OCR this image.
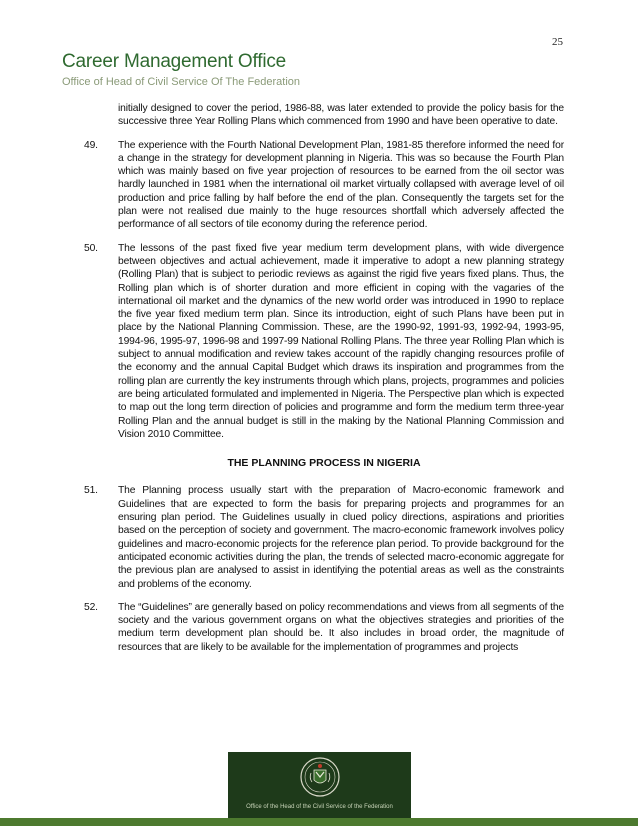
25
Career Management Office
Office of Head of Civil Service Of The Federation

initially designed to cover the period, 1986-88, was later extended to provide the policy basis for the successive three Year Rolling Plans which commenced from 1990 and have been operative to date.

49. The experience with the Fourth National Development Plan, 1981-85 therefore informed the need for a change in the strategy for development planning in Nigeria. This was so because the Fourth Plan which was mainly based on five year projection of resources to be earned from the oil sector was hardly launched in 1981 when the international oil market virtually collapsed with average level of oil production and price falling by half before the end of the plan. Consequently the targets set for the plan were not realised due mainly to the huge resources shortfall which adversely affected the performance of all sectors of tile economy during the reference period.

50. The lessons of the past fixed five year medium term development plans, with wide divergence between objectives and actual achievement, made it imperative to adopt a new planning strategy (Rolling Plan) that is subject to periodic reviews as against the rigid five years fixed plans. Thus, the Rolling plan which is of shorter duration and more efficient in coping with the vagaries of the international oil market and the dynamics of the new world order was introduced in 1990 to replace the five year fixed medium term plan. Since its introduction, eight of such Plans have been put in place by the National Planning Commission. These, are the 1990-92, 1991-93, 1992-94, 1993-95, 1994-96, 1995-97, 1996-98 and 1997-99 National Rolling Plans. The three year Rolling Plan which is subject to annual modification and review takes account of the rapidly changing resources profile of the economy and the annual Capital Budget which draws its inspiration and programmes from the rolling plan are currently the key instruments through which plans, projects, programmes and policies are being articulated formulated and implemented in Nigeria. The Perspective plan which is expected to map out the long term direction of policies and programme and form the medium term three-year Rolling Plan and the annual budget is still in the making by the National Planning Commission and Vision 2010 Committee.

THE PLANNING PROCESS IN NIGERIA
51. The Planning process usually start with the preparation of Macro-economic framework and Guidelines that are expected to form the basis for preparing projects and programmes for an ensuring plan period. The Guidelines usually in clued policy directions, aspirations and priorities based on the perception of society and government. The macro-economic framework involves policy guidelines and macro-economic projects for the reference plan period. To provide background for the anticipated economic activities during the plan, the trends of selected macro-economic aggregate for the previous plan are analysed to assist in identifying the potential areas as well as the constraints and problems of the economy.

52. The “Guidelines” are generally based on policy recommendations and views from all segments of the society and the various government organs on what the objectives strategies and priorities of the medium term development plan should be. It also includes in broad order, the magnitude of resources that are likely to be available for the implementation of programmes and projects

Office of the Head of the Civil Service of the Federation
